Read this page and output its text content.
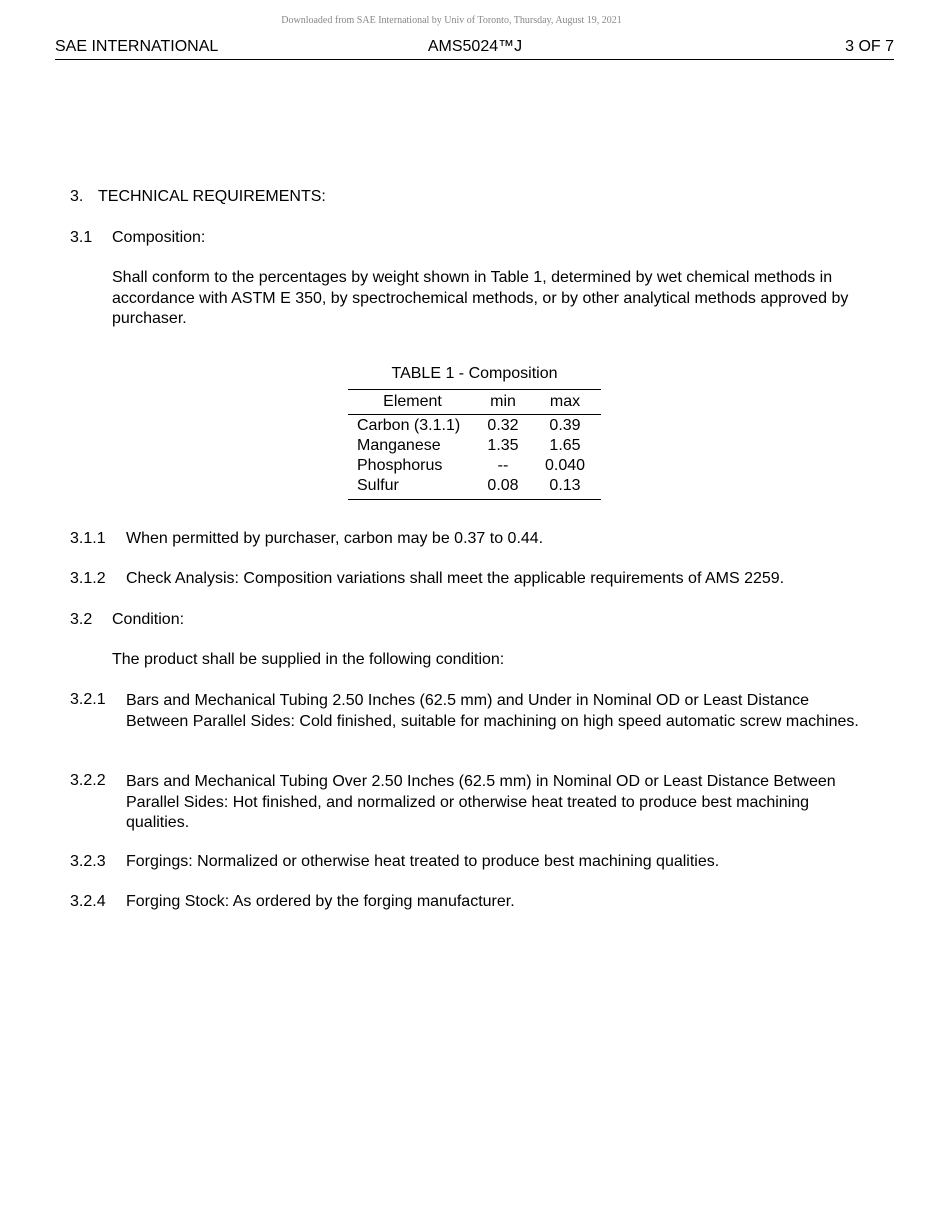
Downloaded from SAE International by Univ of Toronto, Thursday, August 19, 2021
SAE INTERNATIONAL	AMS5024™J	3 OF 7
3. TECHNICAL REQUIREMENTS:
3.1 Composition:
Shall conform to the percentages by weight shown in Table 1, determined by wet chemical methods in accordance with ASTM E 350, by spectrochemical methods, or by other analytical methods approved by purchaser.
TABLE 1 - Composition
Element	min	max
Carbon (3.1.1)	0.32	0.39
Manganese	1.35	1.65
Phosphorus	--	0.040
Sulfur	0.08	0.13
3.1.1 When permitted by purchaser, carbon may be 0.37 to 0.44.
3.1.2 Check Analysis: Composition variations shall meet the applicable requirements of AMS 2259.
3.2 Condition:
The product shall be supplied in the following condition:
3.2.1 Bars and Mechanical Tubing 2.50 Inches (62.5 mm) and Under in Nominal OD or Least Distance Between Parallel Sides: Cold finished, suitable for machining on high speed automatic screw machines.
3.2.2 Bars and Mechanical Tubing Over 2.50 Inches (62.5 mm) in Nominal OD or Least Distance Between Parallel Sides: Hot finished, and normalized or otherwise heat treated to produce best machining qualities.
3.2.3 Forgings: Normalized or otherwise heat treated to produce best machining qualities.
3.2.4 Forging Stock: As ordered by the forging manufacturer.
